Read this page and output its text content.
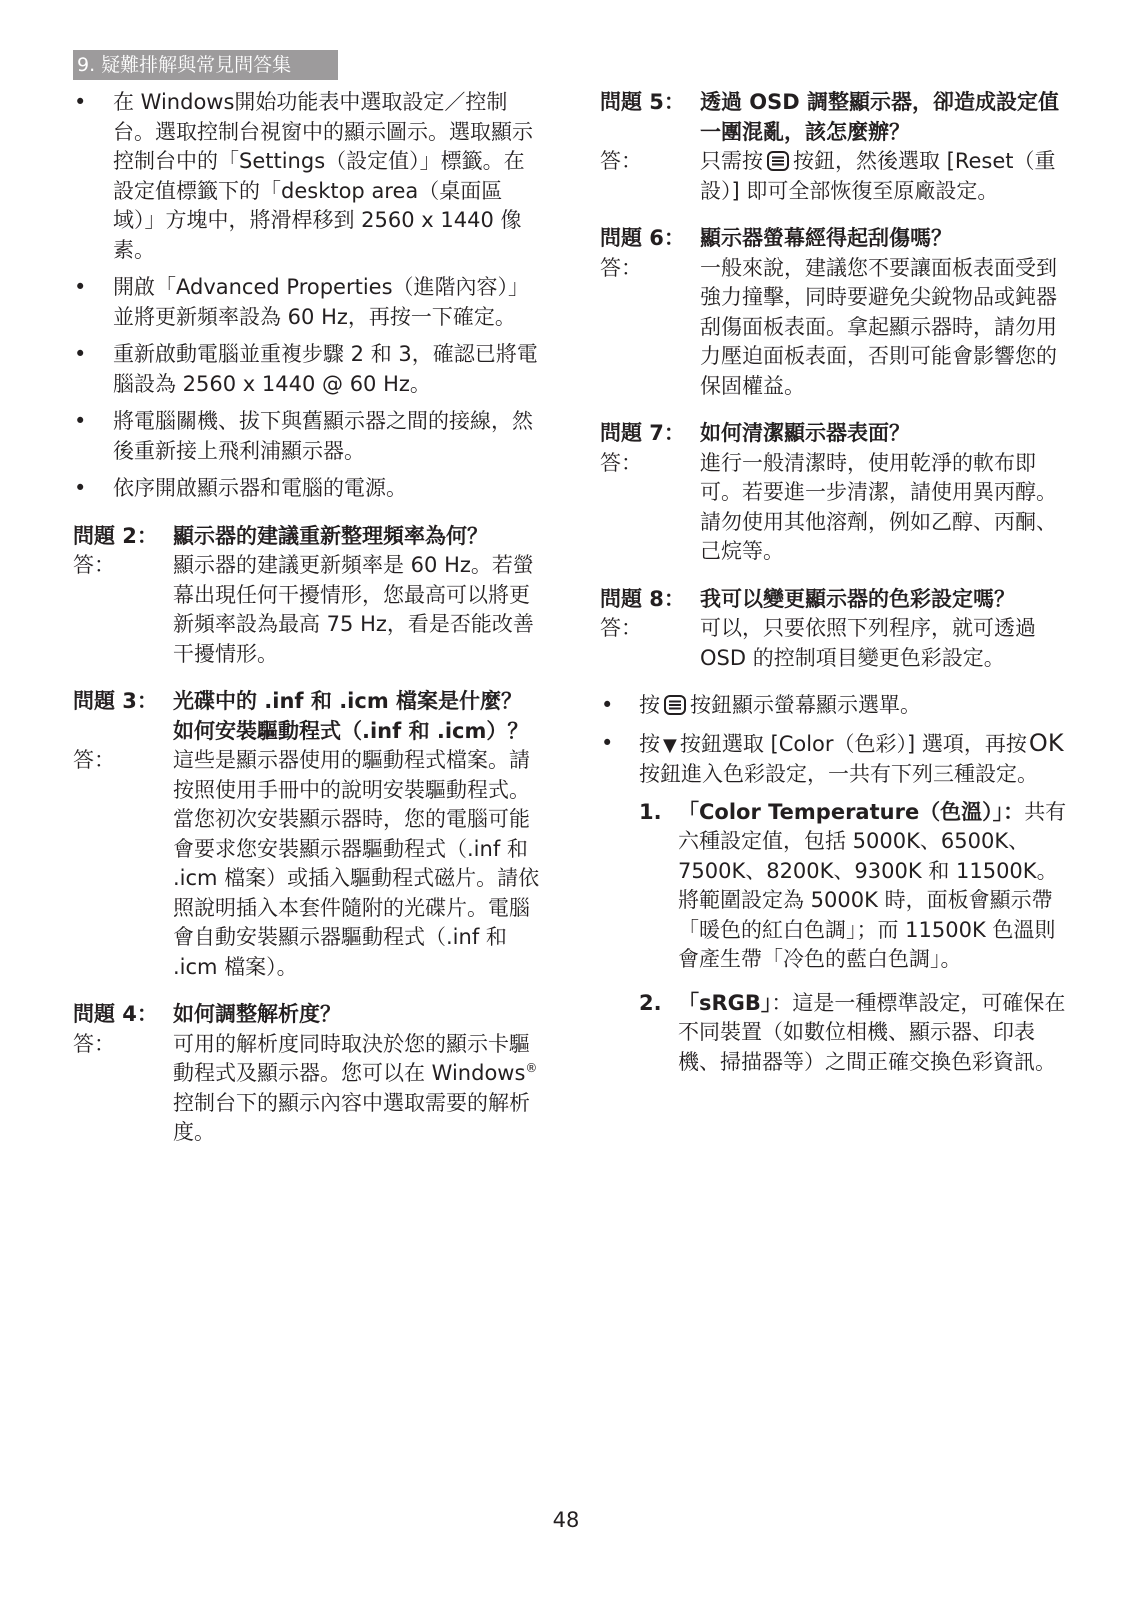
9. 疑難排解與常見問答集
• 在 Windows開始功能表中選取設定／控制台。選取控制台視窗中的顯示圖示。選取顯示控制台中的「Settings（設定值）」標籤。在設定值標籤下的「desktop area（桌面區域）」方塊中，將滑桿移到 2560 x 1440 像素。
• 開啟「Advanced Properties（進階內容）」並將更新頻率設為 60 Hz，再按一下確定。
• 重新啟動電腦並重複步驟 2 和 3，確認已將電腦設為 2560 x 1440 @ 60 Hz。
• 將電腦關機、拔下與舊顯示器之間的接線，然後重新接上飛利浦顯示器。
• 依序開啟顯示器和電腦的電源。
問題 2： 顯示器的建議重新整理頻率為何？
答：	顯示器的建議更新頻率是 60 Hz。若螢幕出現任何干擾情形，您最高可以將更新頻率設為最高 75 Hz，看是否能改善干擾情形。
問題 3： 光碟中的 .inf 和 .icm 檔案是什麼？ 如何安裝驅動程式（.inf 和 .icm）？
答：	這些是顯示器使用的驅動程式檔案。請按照使用手冊中的說明安裝驅動程式。當您初次安裝顯示器時，您的電腦可能會要求您安裝顯示器驅動程式（.inf 和 .icm 檔案）或插入驅動程式磁片。請依照說明插入本套件隨附的光碟片。電腦會自動安裝顯示器驅動程式（.inf 和 .icm 檔案）。
問題 4： 如何調整解析度？
答：	可用的解析度同時取決於您的顯示卡驅動程式及顯示器。您可以在 Windows® 控制台下的顯示內容中選取需要的解析度。
問題 5： 透過 OSD 調整顯示器，卻造成設定值一團混亂，該怎麼辦？
答：	只需按 按鈕，然後選取 [Reset（重設）] 即可全部恢復至原廠設定。
問題 6： 顯示器螢幕經得起刮傷嗎？
答：	一般來說，建議您不要讓面板表面受到強力撞擊，同時要避免尖銳物品或鈍器刮傷面板表面。拿起顯示器時，請勿用力壓迫面板表面，否則可能會影響您的保固權益。
問題 7： 如何清潔顯示器表面？
答：	進行一般清潔時，使用乾淨的軟布即可。若要進一步清潔，請使用異丙醇。請勿使用其他溶劑，例如乙醇、丙酮、己烷等。
問題 8： 我可以變更顯示器的色彩設定嗎？
答：	可以，只要依照下列程序，就可透過 OSD 的控制項目變更色彩設定。
• 按 按鈕顯示螢幕顯示選單。
• 按 ▼ 按鈕選取 [Color（色彩）] 選項，再按OK按鈕進入色彩設定，一共有下列三種設定。
1. 「Color Temperature（色溫）」：共有六種設定值，包括 5000K、6500K、7500K、8200K、9300K 和 11500K。將範圍設定為 5000K 時，面板會顯示帶「暖色的紅白色調」；而 11500K 色溫則會產生帶「冷色的藍白色調」。
2. 「sRGB」：這是一種標準設定，可確保在不同裝置（如數位相機、顯示器、印表機、掃描器等）之間正確交換色彩資訊。
48
